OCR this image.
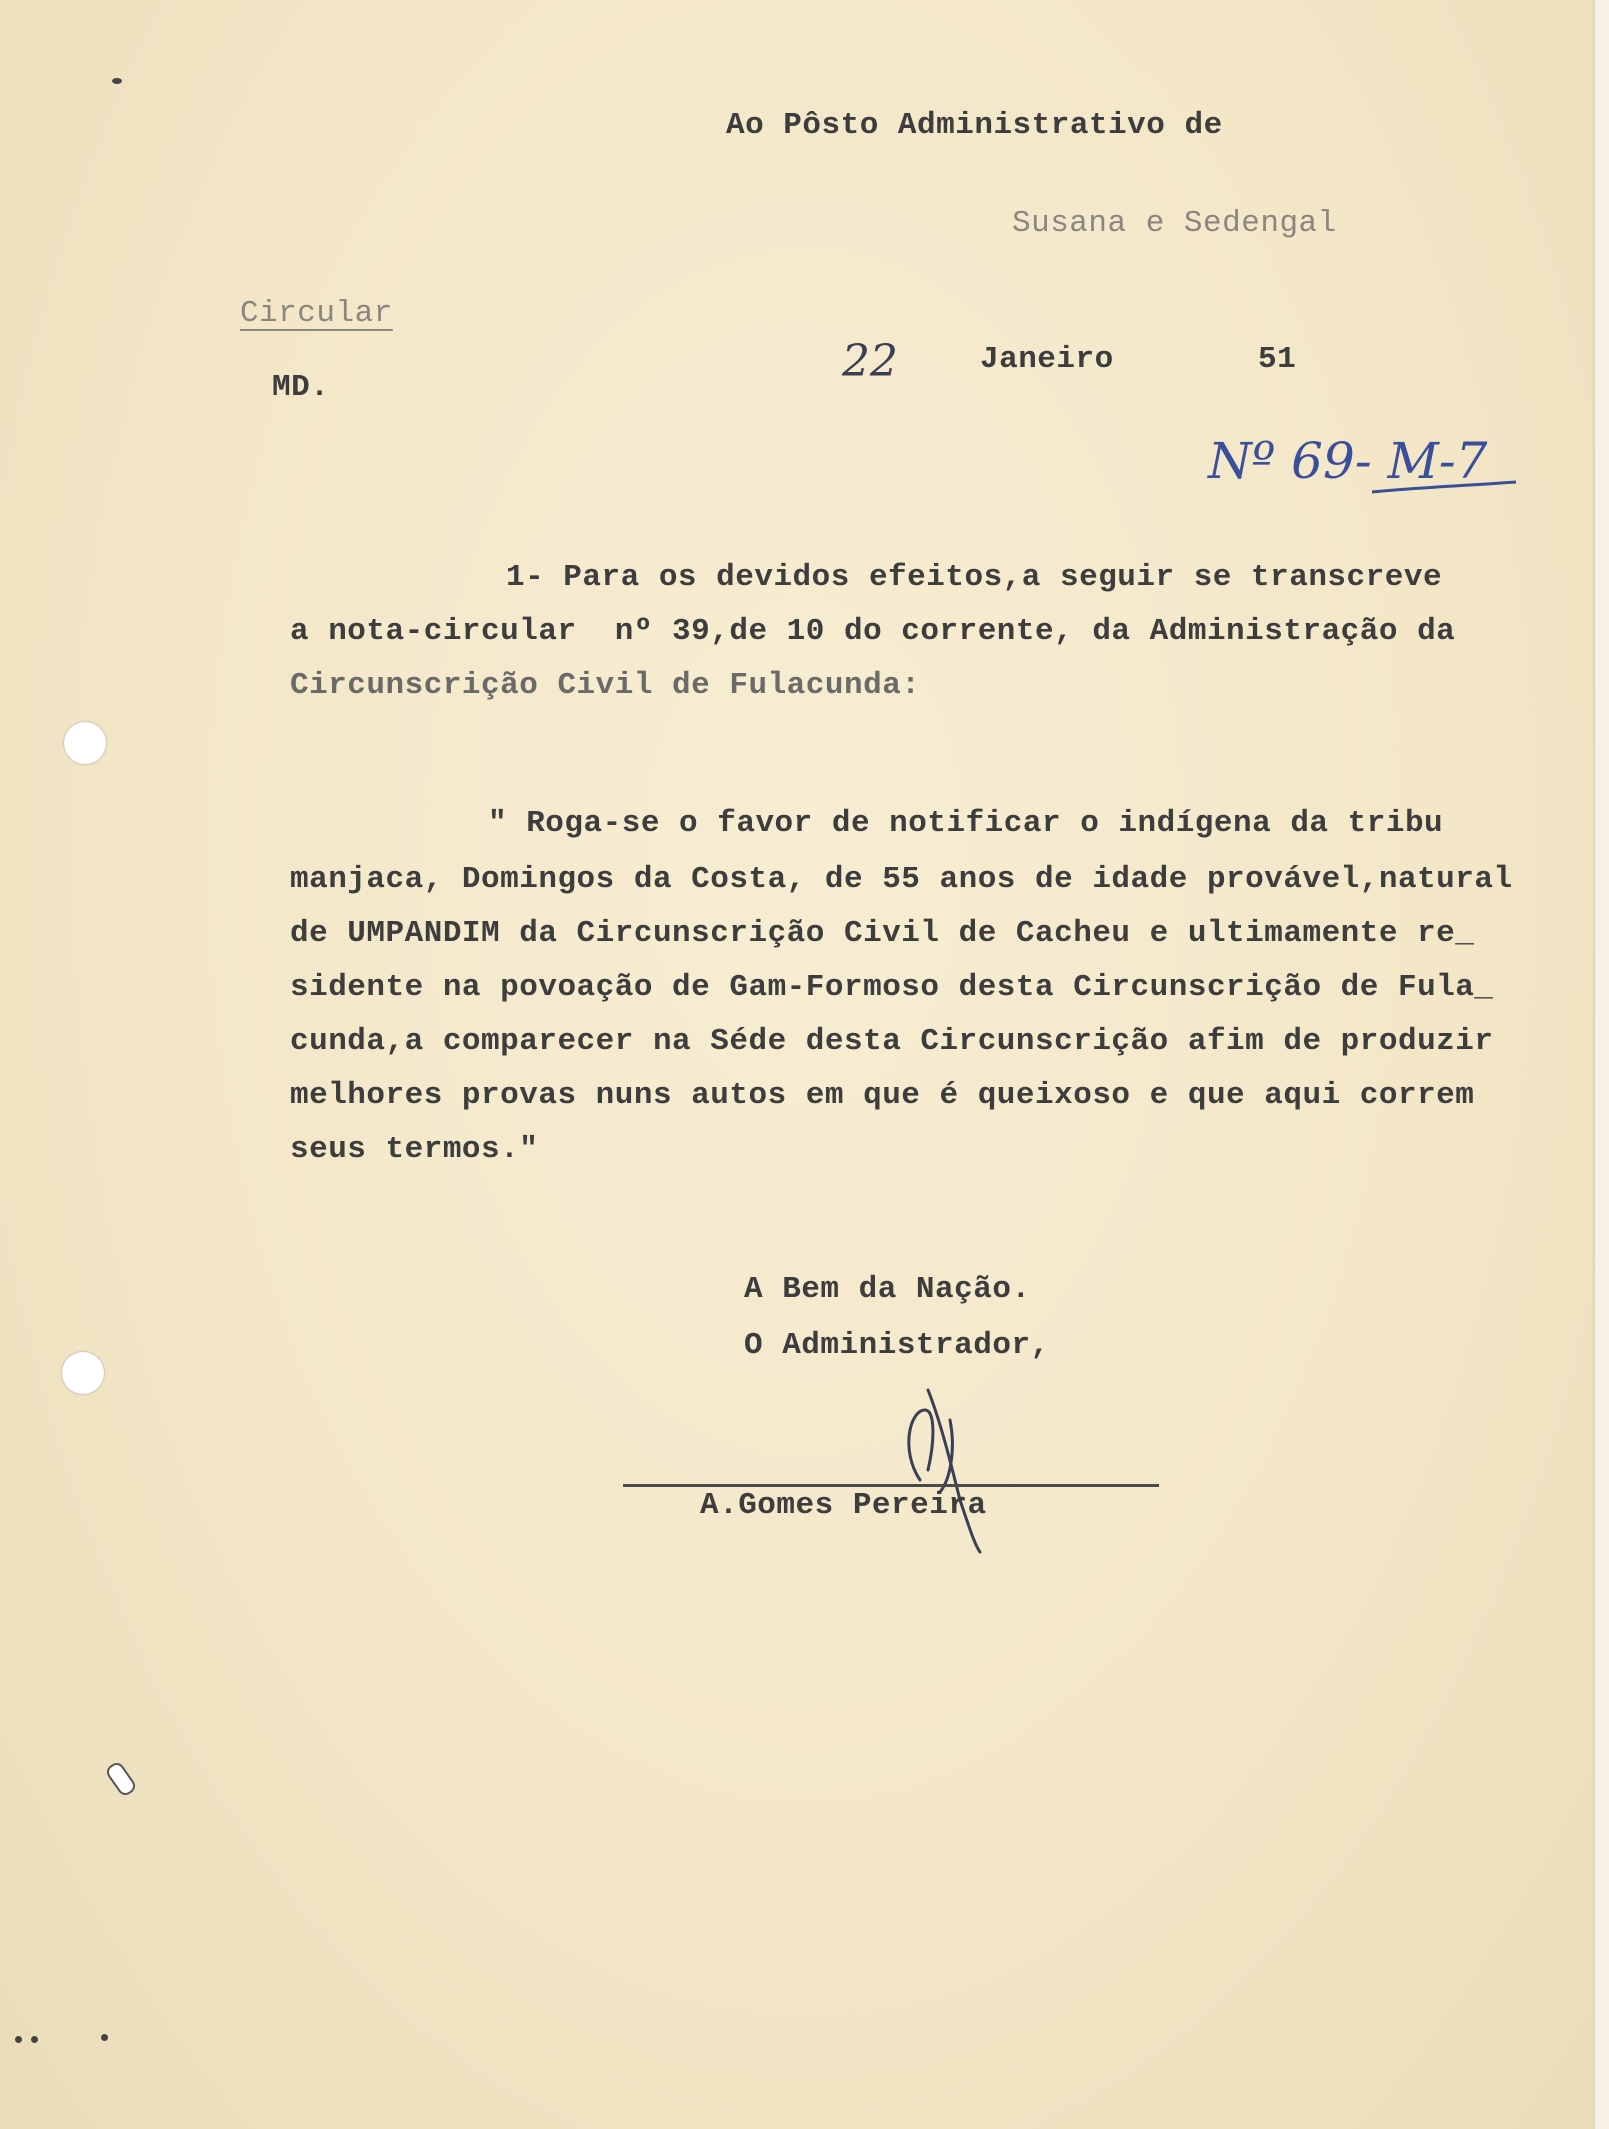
Ao Pôsto Administrativo de
Susana e Sedengal
Circular
MD.
22	Janeiro	51
Nº 69- M-7
1- Para os devidos efeitos,a seguir se transcreve
a nota-circular  nº 39,de 10 do corrente, da Administração da
Circunscrição Civil de Fulacunda:
" Roga-se o favor de notificar o indígena da tribu
manjaca, Domingos da Costa, de 55 anos de idade provável,natural
de UMPANDIM da Circunscrição Civil de Cacheu e ultimamente re_
sidente na povoação de Gam-Formoso desta Circunscrição de Fula_
cunda,a comparecer na Séde desta Circunscrição afim de produzir
melhores provas nuns autos em que é queixoso e que aqui correm
seus termos."
A Bem da Nação.
O Administrador,
A.Gomes Pereira
